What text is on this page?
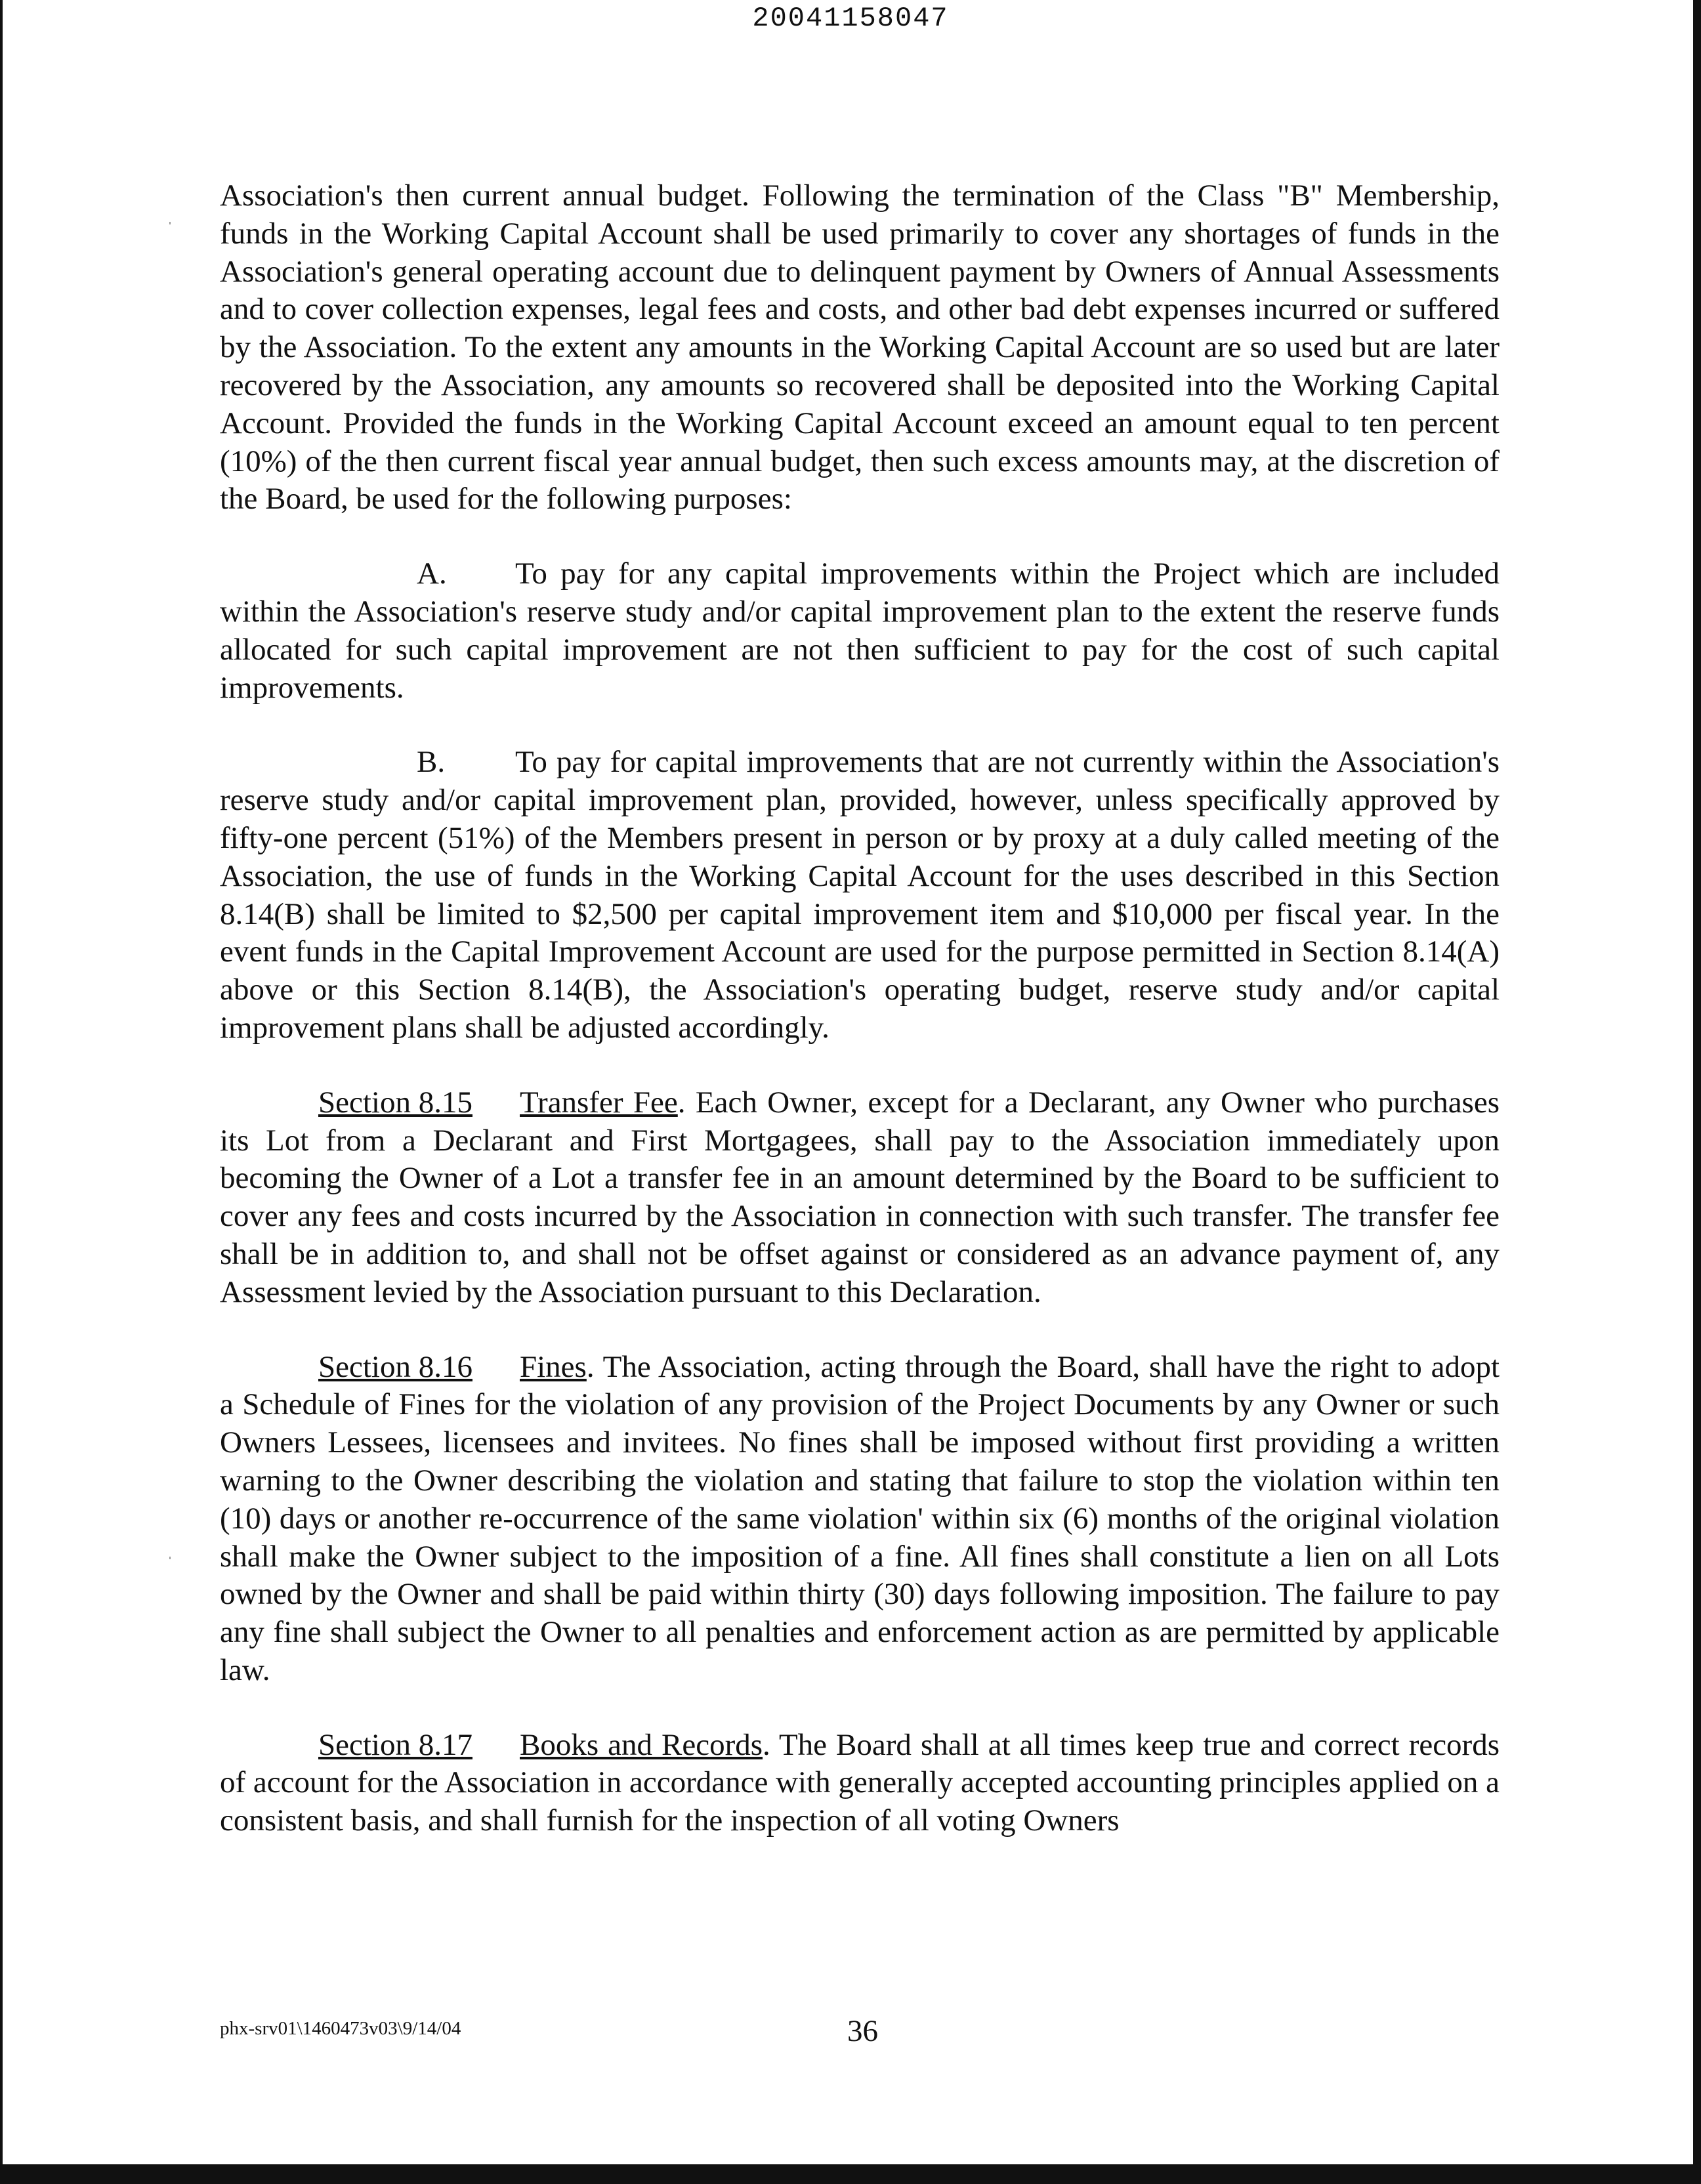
20041158047

Association's then current annual budget. Following the termination of the Class "B" Membership, funds in the Working Capital Account shall be used primarily to cover any shortages of funds in the Association's general operating account due to delinquent payment by Owners of Annual Assessments and to cover collection expenses, legal fees and costs, and other bad debt expenses incurred or suffered by the Association. To the extent any amounts in the Working Capital Account are so used but are later recovered by the Association, any amounts so recovered shall be deposited into the Working Capital Account. Provided the funds in the Working Capital Account exceed an amount equal to ten percent (10%) of the then current fiscal year annual budget, then such excess amounts may, at the discretion of the Board, be used for the following purposes:

A. To pay for any capital improvements within the Project which are included within the Association's reserve study and/or capital improvement plan to the extent the reserve funds allocated for such capital improvement are not then sufficient to pay for the cost of such capital improvements.

B. To pay for capital improvements that are not currently within the Association's reserve study and/or capital improvement plan, provided, however, unless specifically approved by fifty-one percent (51%) of the Members present in person or by proxy at a duly called meeting of the Association, the use of funds in the Working Capital Account for the uses described in this Section 8.14(B) shall be limited to $2,500 per capital improvement item and $10,000 per fiscal year. In the event funds in the Capital Improvement Account are used for the purpose permitted in Section 8.14(A) above or this Section 8.14(B), the Association's operating budget, reserve study and/or capital improvement plans shall be adjusted accordingly.

Section 8.15 Transfer Fee. Each Owner, except for a Declarant, any Owner who purchases its Lot from a Declarant and First Mortgagees, shall pay to the Association immediately upon becoming the Owner of a Lot a transfer fee in an amount determined by the Board to be sufficient to cover any fees and costs incurred by the Association in connection with such transfer. The transfer fee shall be in addition to, and shall not be offset against or considered as an advance payment of, any Assessment levied by the Association pursuant to this Declaration.

Section 8.16 Fines. The Association, acting through the Board, shall have the right to adopt a Schedule of Fines for the violation of any provision of the Project Documents by any Owner or such Owners Lessees, licensees and invitees. No fines shall be imposed without first providing a written warning to the Owner describing the violation and stating that failure to stop the violation within ten (10) days or another re-occurrence of the same violation' within six (6) months of the original violation shall make the Owner subject to the imposition of a fine. All fines shall constitute a lien on all Lots owned by the Owner and shall be paid within thirty (30) days following imposition. The failure to pay any fine shall subject the Owner to all penalties and enforcement action as are permitted by applicable law.

Section 8.17 Books and Records. The Board shall at all times keep true and correct records of account for the Association in accordance with generally accepted accounting principles applied on a consistent basis, and shall furnish for the inspection of all voting Owners

phx-srv01\1460473v03\9/14/04	36
